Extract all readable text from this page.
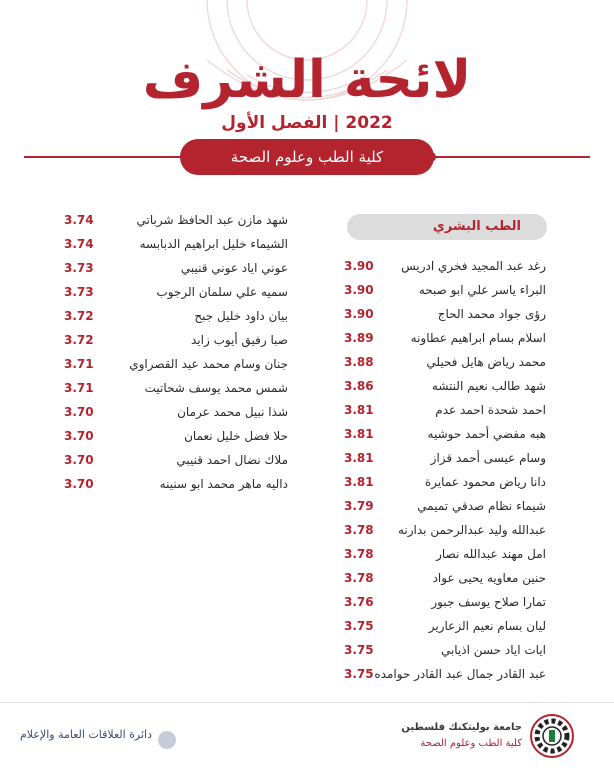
لائحة الشرف
2022 | الفصل الأول
كلية الطب وعلوم الصحة
الطب البشري
رغد عبد المجيد فخري ادريس
3.90
البراء ياسر علي ابو صبحه
3.90
رؤى جواد محمد الحاج
3.90
اسلام بسام ابراهيم عطاونه
3.89
محمد رياض هايل فحيلي
3.88
شهد طالب نعيم النتشه
3.86
احمد شحدة احمد عدم
3.81
هبه مفضي أحمد حوشيه
3.81
وسام عيسى أحمد قزاز
3.81
دانا رياض محمود عمايرة
3.81
شيماء نظام صدقي تميمي
3.79
عبدالله وليد عبدالرحمن بدارنه
3.78
امل مهند عبدالله نصار
3.78
حنين معاويه يحيى عواد
3.78
تمارا صلاح يوسف جبور
3.76
ليان بسام نعيم الزعارير
3.75
ايات اياد حسن اذيابي
3.75
عبد القادر جمال عبد القادر حوامده
3.75
شهد مازن عبد الحافظ شرباتي
3.74
الشيماء خليل ابراهيم الدبابسه
3.74
عوني اياد عوني قنيبي
3.73
سميه علي سلمان الرجوب
3.73
بيان داود خليل جبح
3.72
صبا رفيق أيوب زايد
3.72
جنان وسام محمد عيد القصراوي
3.71
شمس محمد يوسف شحاتيت
3.71
شذا نبيل محمد عرمان
3.70
حلا فضل خليل نعمان
3.70
ملاك نضال احمد قنيبي
3.70
داليه ماهر محمد ابو سنينه
3.70
دائرة العلاقات العامة والإعلام
جامعة بوليتكنك فلسطين
كلية الطب وعلوم الصحة
